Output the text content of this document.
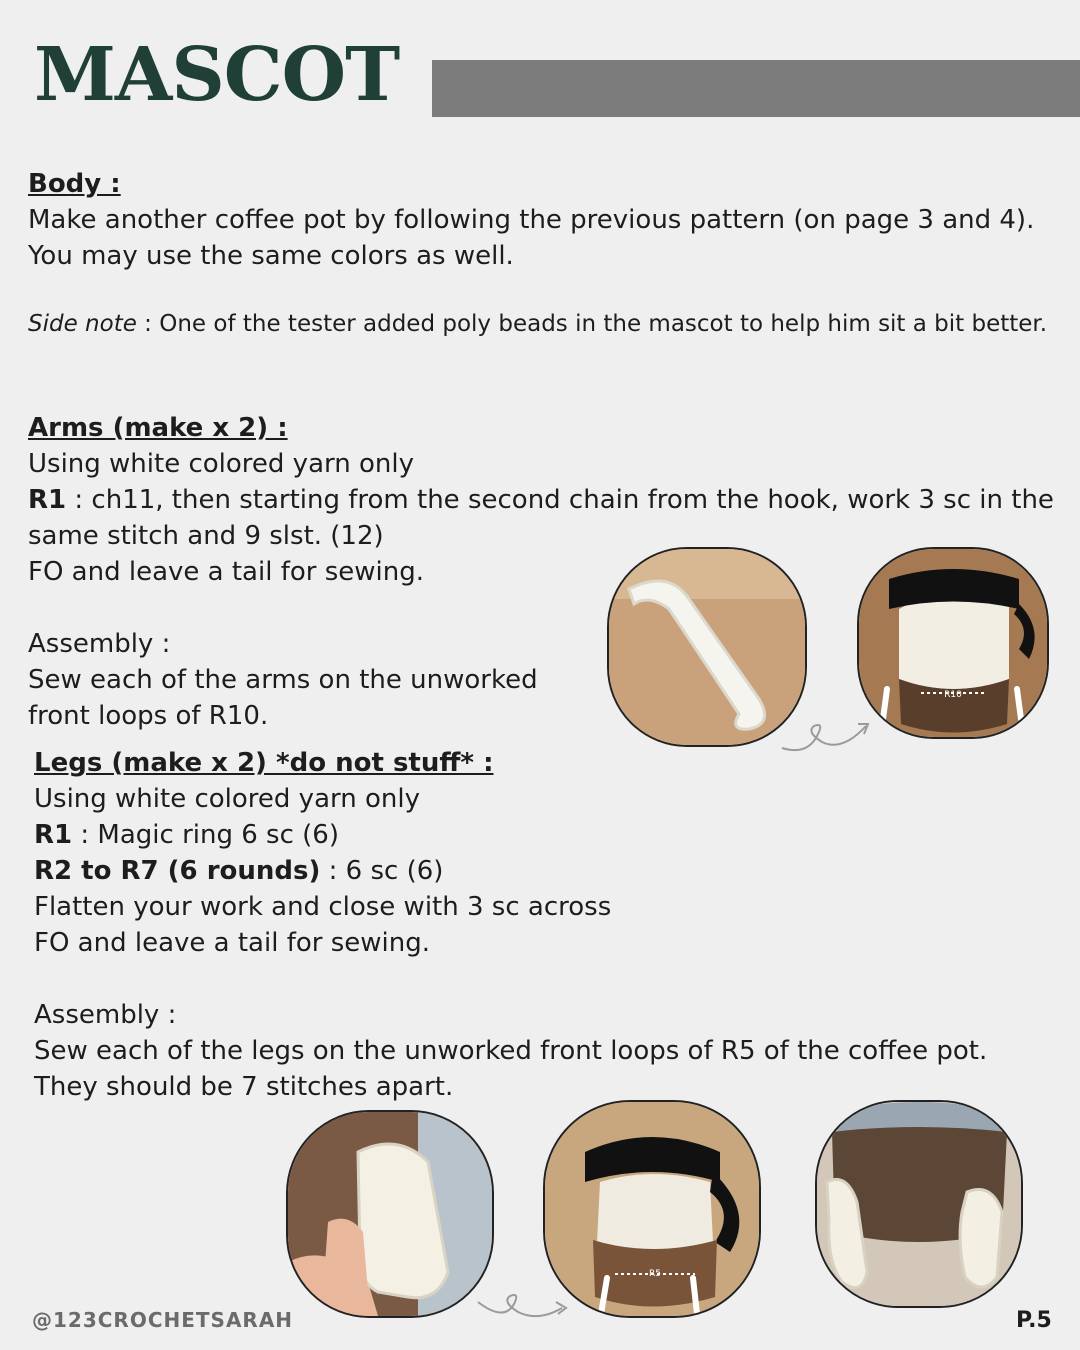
MASCOT

Body :

Make another coffee pot by following the previous pattern (on page 3 and 4). You may use the same colors as well.

Side note : One of the tester added poly beads in the mascot to help him sit a bit better.

Arms (make x 2) :

Using white colored yarn only

R1 : ch11, then starting from the second chain from the hook, work 3 sc in the same stitch and 9 slst. (12)

FO and leave a tail for sewing.

Assembly :

Sew each of the arms on the unworked front loops of R10.

R10

Legs (make x 2) *do not stuff* :

Using white colored yarn only

R1 : Magic ring 6 sc (6)

R2 to R7 (6 rounds) : 6 sc (6)

Flatten your work and close with 3 sc across

FO and leave a tail for sewing.

Assembly :

Sew each of the legs on the unworked front loops of R5 of the coffee pot.

They should be 7 stitches apart.

R5
@123CROCHETSARAH	P.5
